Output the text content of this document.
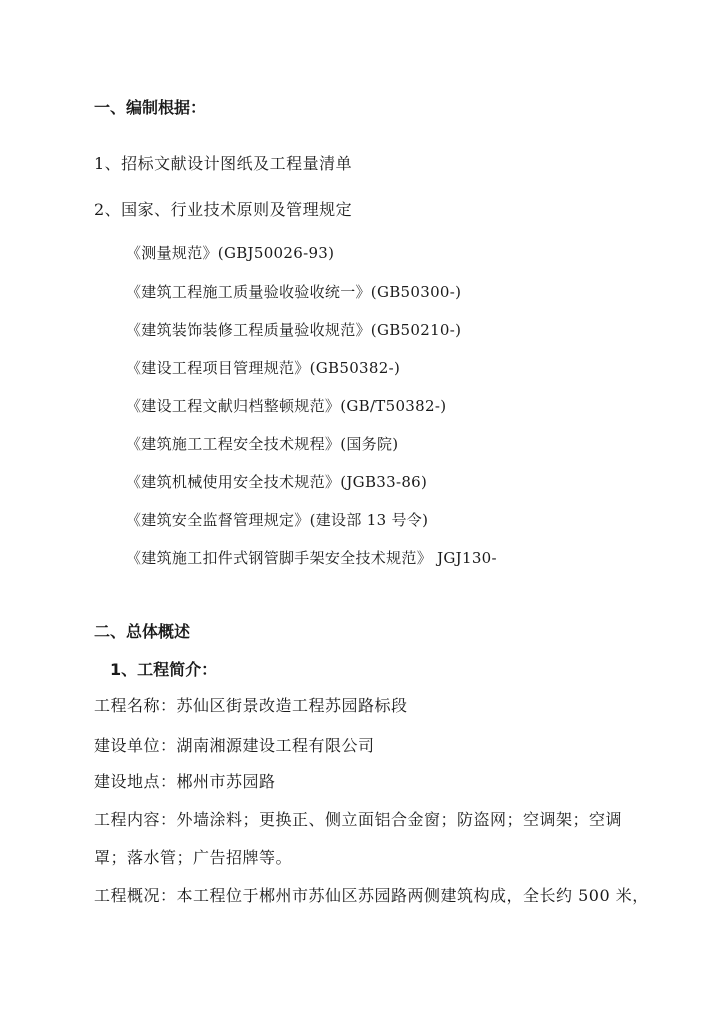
一、编制根据：
1、招标文献设计图纸及工程量清单
2、国家、行业技术原则及管理规定
《测量规范》(GBJ50026-93)
《建筑工程施工质量验收验收统一》(GB50300-)
《建筑装饰装修工程质量验收规范》(GB50210-)
《建设工程项目管理规范》(GB50382-)
《建设工程文献归档整顿规范》(GB/T50382-)
《建筑施工工程安全技术规程》(国务院)
《建筑机械使用安全技术规范》(JGB33-86)
《建筑安全监督管理规定》(建设部 13 号令)
《建筑施工扣件式钢管脚手架安全技术规范》 JGJ130-
二、总体概述
1、工程简介：
工程名称：苏仙区街景改造工程苏园路标段
建设单位：湖南湘源建设工程有限公司
建设地点：郴州市苏园路
工程内容：外墙涂料；更换正、侧立面铝合金窗；防盗网；空调架；空调
罩；落水管；广告招牌等。
工程概况：本工程位于郴州市苏仙区苏园路两侧建筑构成，全长约 500 米，
